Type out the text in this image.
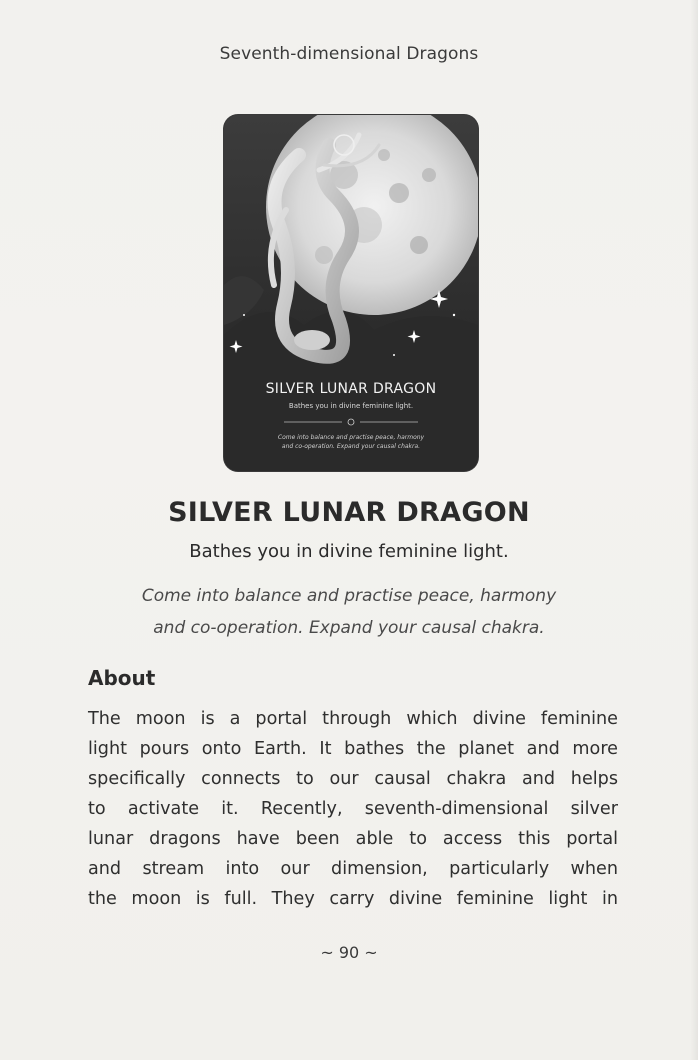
Seventh-dimensional Dragons
SILVER LUNAR DRAGON
Bathes you in divine feminine light.
Come into balance and practise peace, harmony
and co-operation. Expand your causal chakra.
SILVER LUNAR DRAGON
Bathes you in divine feminine light.
Come into balance and practise peace, harmony
and co-operation. Expand your causal chakra.
About
The moon is a portal through which divine feminine
light pours onto Earth. It bathes the planet and more
specifically connects to our causal chakra and helps
to activate it. Recently, seventh-dimensional silver
lunar dragons have been able to access this portal
and stream into our dimension, particularly when
the moon is full. They carry divine feminine light in
~ 90 ~
